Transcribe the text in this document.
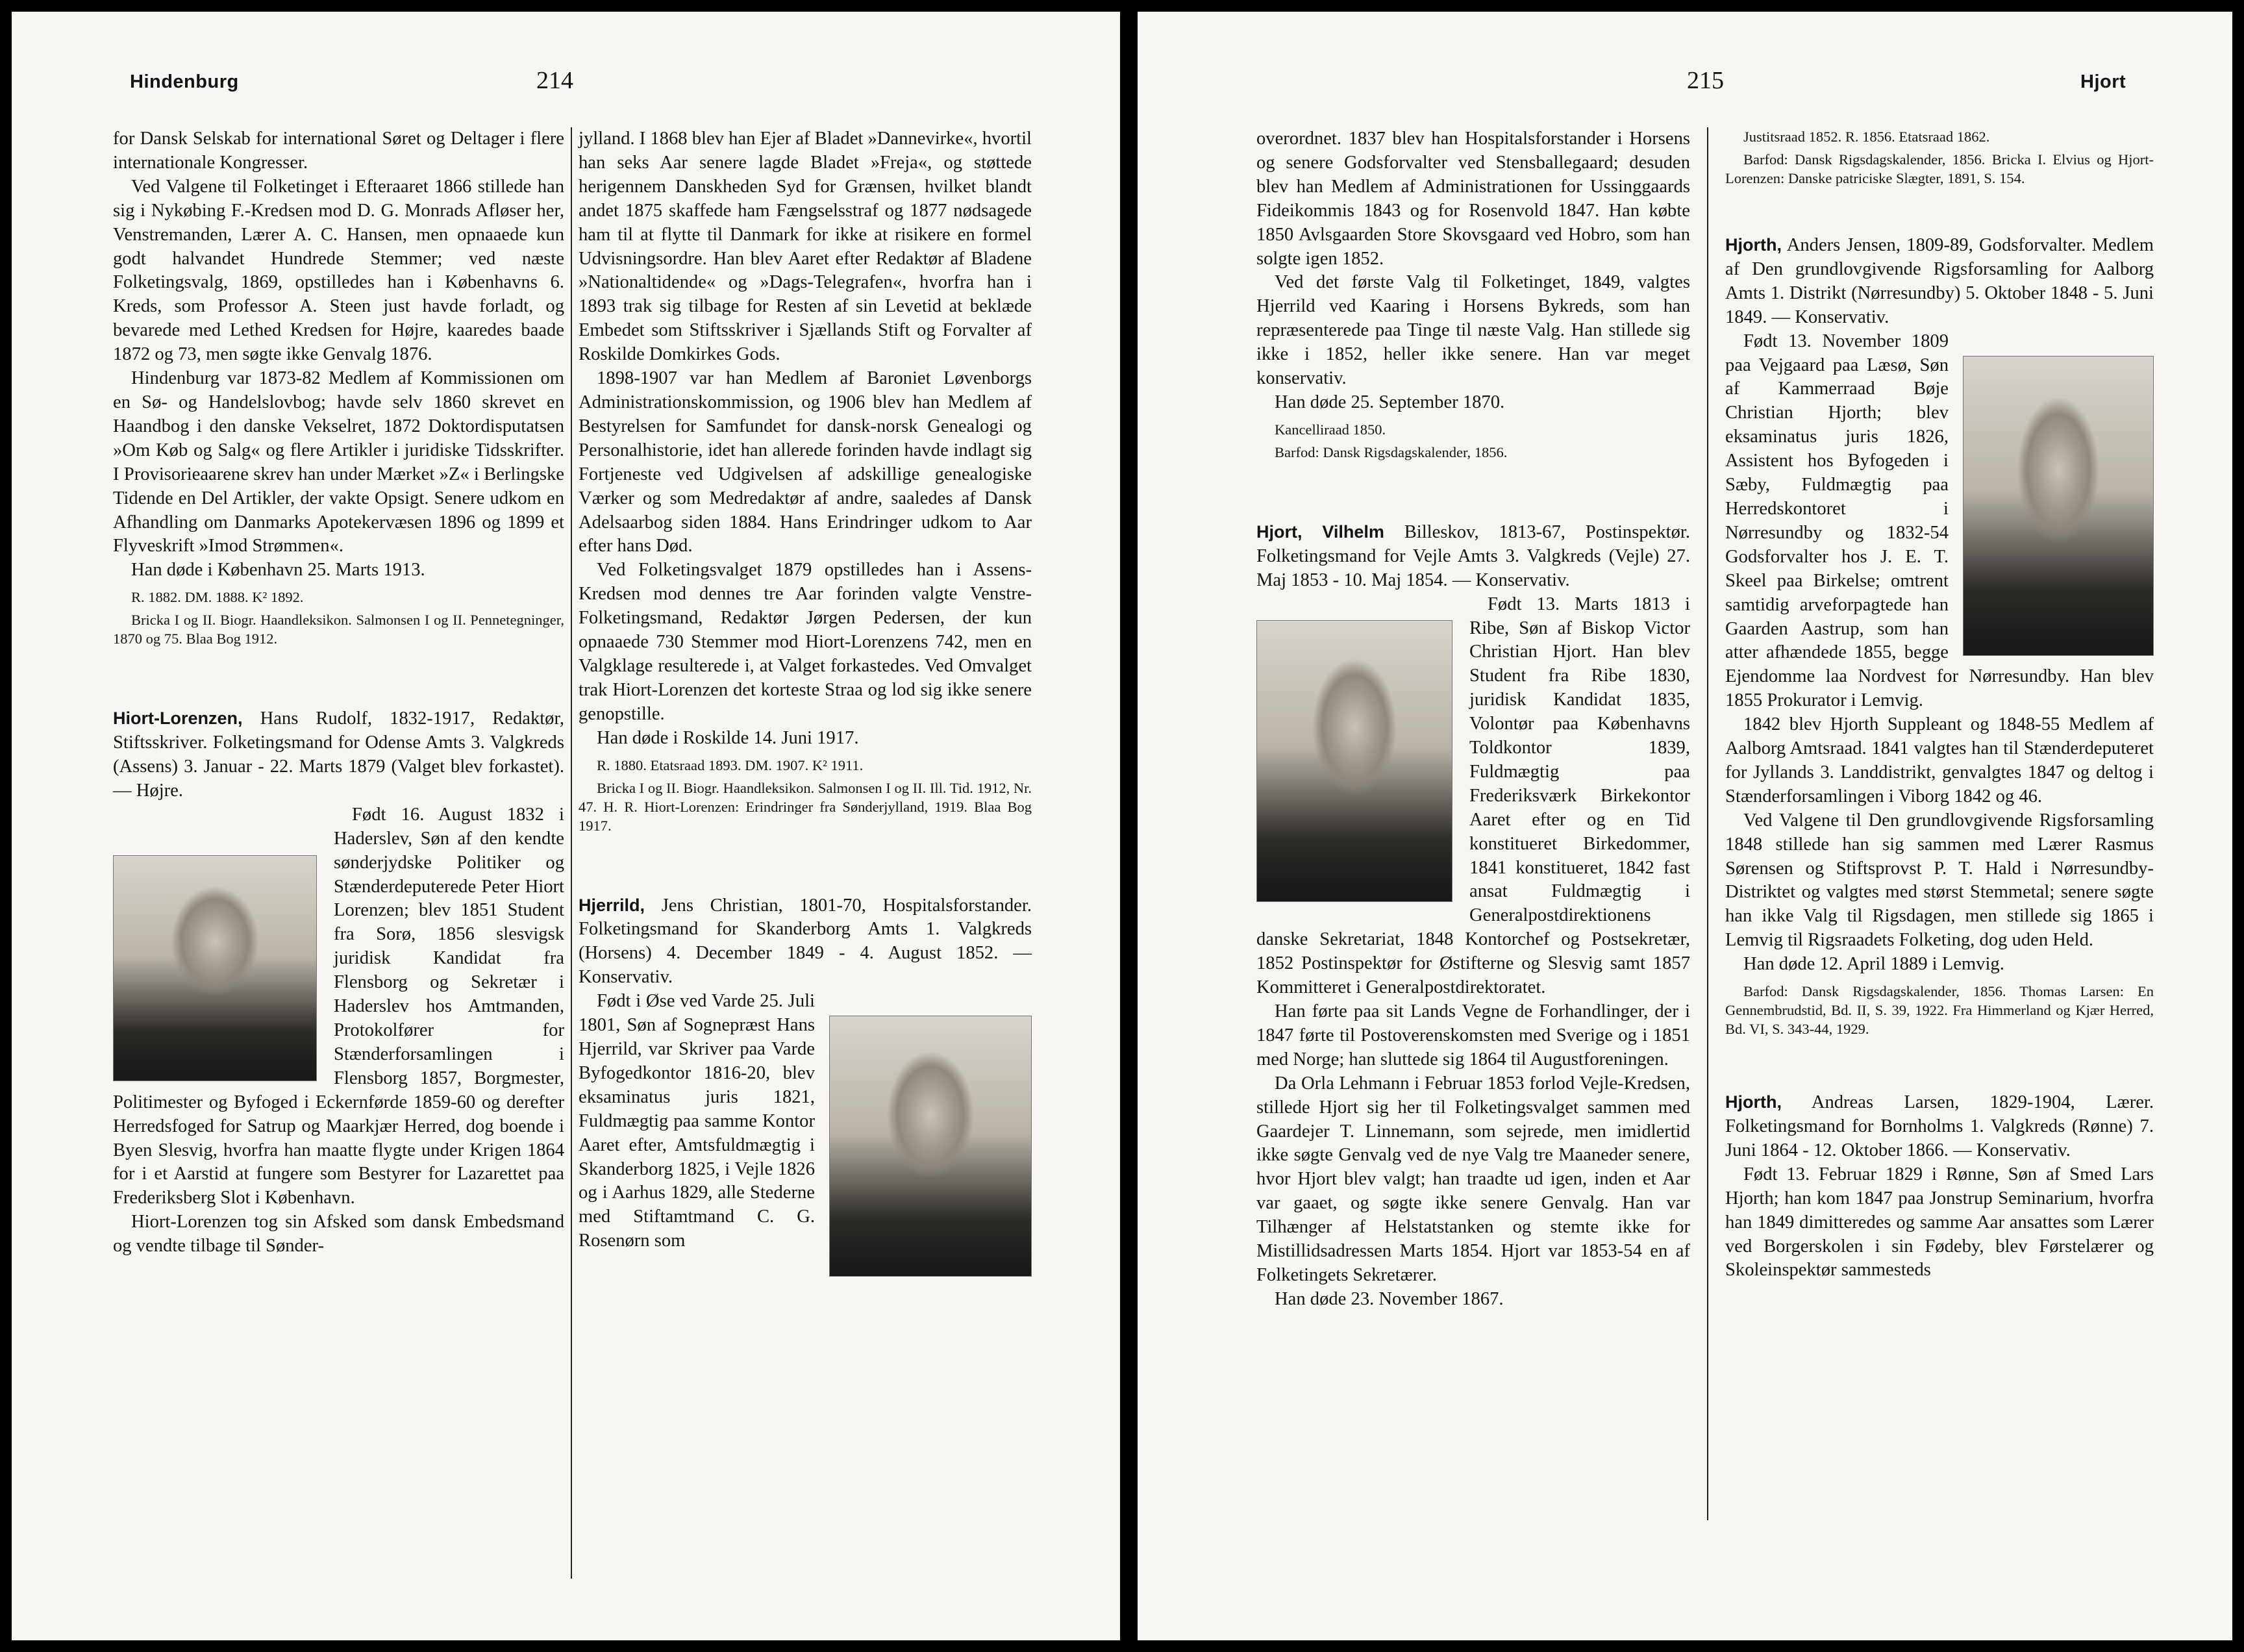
Hindenburg	214

for Dansk Selskab for international Søret og Deltager i flere internationale Kongresser.

Ved Valgene til Folketinget i Efteraaret 1866 stillede han sig i Nykøbing F.-Kredsen mod D. G. Monrads Afløser her, Venstremanden, Lærer A. C. Hansen, men opnaaede kun godt halvandet Hundrede Stemmer; ved næste Folketingsvalg, 1869, opstilledes han i Københavns 6. Kreds, som Professor A. Steen just havde forladt, og bevarede med Lethed Kredsen for Højre, kaaredes baade 1872 og 73, men søgte ikke Genvalg 1876.

Hindenburg var 1873-82 Medlem af Kommissionen om en Sø- og Handelslovbog; havde selv 1860 skrevet en Haandbog i den danske Vekselret, 1872 Doktordisputatsen »Om Køb og Salg« og flere Artikler i juridiske Tidsskrifter. I Provisorieaarene skrev han under Mærket »Z« i Berlingske Tidende en Del Artikler, der vakte Opsigt. Senere udkom en Afhandling om Danmarks Apotekervæsen 1896 og 1899 et Flyveskrift »Imod Strømmen«.

Han døde i København 25. Marts 1913.

R. 1882. DM. 1888. K² 1892.

Bricka I og II. Biogr. Haandleksikon. Salmonsen I og II. Pennetegninger, 1870 og 75. Blaa Bog 1912.

Hiort-Lorenzen, Hans Rudolf, 1832-1917, Redaktør, Stiftsskriver. Folketingsmand for Odense Amts 3. Valgkreds (Assens) 3. Januar - 22. Marts 1879 (Valget blev forkastet). — Højre.

Født 16. August 1832 i Haderslev, Søn af den kendte sønderjydske Politiker og Stænderdeputerede Peter Hiort Lorenzen; blev 1851 Student fra Sorø, 1856 slesvigsk juridisk Kandidat fra Flensborg og Sekretær i Haderslev hos Amtmanden, Protokolfører for Stænderforsamlingen i Flensborg 1857, Borgmester, Politimester og Byfoged i Eckernførde 1859-60 og derefter Herredsfoged for Satrup og Maarkjær Herred, dog boende i Byen Slesvig, hvorfra han maatte flygte under Krigen 1864 for i et Aarstid at fungere som Bestyrer for Lazarettet paa Frederiksberg Slot i København.

Hiort-Lorenzen tog sin Afsked som dansk Embedsmand og vendte tilbage til Sønder-

jylland. I 1868 blev han Ejer af Bladet »Dannevirke«, hvortil han seks Aar senere lagde Bladet »Freja«, og støttede herigennem Danskheden Syd for Grænsen, hvilket blandt andet 1875 skaffede ham Fængselsstraf og 1877 nødsagede ham til at flytte til Danmark for ikke at risikere en formel Udvisningsordre. Han blev Aaret efter Redaktør af Bladene »Nationaltidende« og »Dags-Telegrafen«, hvorfra han i 1893 trak sig tilbage for Resten af sin Levetid at beklæde Embedet som Stiftsskriver i Sjællands Stift og Forvalter af Roskilde Domkirkes Gods.

1898-1907 var han Medlem af Baroniet Løvenborgs Administrationskommission, og 1906 blev han Medlem af Bestyrelsen for Samfundet for dansk-norsk Genealogi og Personalhistorie, idet han allerede forinden havde indlagt sig Fortjeneste ved Udgivelsen af adskillige genealogiske Værker og som Medredaktør af andre, saaledes af Dansk Adelsaarbog siden 1884. Hans Erindringer udkom to Aar efter hans Død.

Ved Folketingsvalget 1879 opstilledes han i Assens-Kredsen mod dennes tre Aar forinden valgte Venstre-Folketingsmand, Redaktør Jørgen Pedersen, der kun opnaaede 730 Stemmer mod Hiort-Lorenzens 742, men en Valgklage resulterede i, at Valget forkastedes. Ved Omvalget trak Hiort-Lorenzen det korteste Straa og lod sig ikke senere genopstille.

Han døde i Roskilde 14. Juni 1917.

R. 1880. Etatsraad 1893. DM. 1907. K² 1911.

Bricka I og II. Biogr. Haandleksikon. Salmonsen I og II. Ill. Tid. 1912, Nr. 47. H. R. Hiort-Lorenzen: Erindringer fra Sønderjylland, 1919. Blaa Bog 1917.

Hjerrild, Jens Christian, 1801-70, Hospitalsforstander. Folketingsmand for Skanderborg Amts 1. Valgkreds (Horsens) 4. December 1849 - 4. August 1852. — Konservativ.

Født i Øse ved Varde 25. Juli 1801, Søn af Sognepræst Hans Hjerrild, var Skriver paa Varde Byfogedkontor 1816-20, blev eksaminatus juris 1821, Fuldmægtig paa samme Kontor Aaret efter, Amtsfuldmægtig i Skanderborg 1825, i Vejle 1826 og i Aarhus 1829, alle Stederne med Stiftamtmand C. G. Rosenørn som

215	Hjort

overordnet. 1837 blev han Hospitalsforstander i Horsens og senere Godsforvalter ved Stensballegaard; desuden blev han Medlem af Administrationen for Ussinggaards Fideikommis 1843 og for Rosenvold 1847. Han købte 1850 Avlsgaarden Store Skovsgaard ved Hobro, som han solgte igen 1852.

Ved det første Valg til Folketinget, 1849, valgtes Hjerrild ved Kaaring i Horsens Bykreds, som han repræsenterede paa Tinge til næste Valg. Han stillede sig ikke i 1852, heller ikke senere. Han var meget konservativ.

Han døde 25. September 1870.

Kancelliraad 1850.

Barfod: Dansk Rigsdagskalender, 1856.

Hjort, Vilhelm Billeskov, 1813-67, Postinspektør. Folketingsmand for Vejle Amts 3. Valgkreds (Vejle) 27. Maj 1853 - 10. Maj 1854. — Konservativ.

Født 13. Marts 1813 i Ribe, Søn af Biskop Victor Christian Hjort. Han blev Student fra Ribe 1830, juridisk Kandidat 1835, Volontør paa Københavns Toldkontor 1839, Fuldmægtig paa Frederiksværk Birkekontor Aaret efter og en Tid konstitueret Birkedommer, 1841 konstitueret, 1842 fast ansat Fuldmægtig i Generalpostdirektionens danske Sekretariat, 1848 Kontorchef og Postsekretær, 1852 Postinspektør for Østifterne og Slesvig samt 1857 Kommitteret i Generalpostdirektoratet.

Han førte paa sit Lands Vegne de Forhandlinger, der i 1847 førte til Postoverenskomsten med Sverige og i 1851 med Norge; han sluttede sig 1864 til Augustforeningen.

Da Orla Lehmann i Februar 1853 forlod Vejle-Kredsen, stillede Hjort sig her til Folketingsvalget sammen med Gaardejer T. Linnemann, som sejrede, men imidlertid ikke søgte Genvalg ved de nye Valg tre Maaneder senere, hvor Hjort blev valgt; han traadte ud igen, inden et Aar var gaaet, og søgte ikke senere Genvalg. Han var Tilhænger af Helstatstanken og stemte ikke for Mistillidsadressen Marts 1854. Hjort var 1853-54 en af Folketingets Sekretærer.

Han døde 23. November 1867.

Justitsraad 1852. R. 1856. Etatsraad 1862.

Barfod: Dansk Rigsdagskalender, 1856. Bricka I. Elvius og Hjort-Lorenzen: Danske patriciske Slægter, 1891, S. 154.

Hjorth, Anders Jensen, 1809-89, Godsforvalter. Medlem af Den grundlovgivende Rigsforsamling for Aalborg Amts 1. Distrikt (Nørresundby) 5. Oktober 1848 - 5. Juni 1849. — Konservativ.

Født 13. November 1809 paa Vejgaard paa Læsø, Søn af Kammerraad Bøje Christian Hjorth; blev eksaminatus juris 1826, Assistent hos Byfogeden i Sæby, Fuldmægtig paa Herredskontoret i Nørresundby og 1832-54 Godsforvalter hos J. E. T. Skeel paa Birkelse; omtrent samtidig arveforpagtede han Gaarden Aastrup, som han atter afhændede 1855, begge Ejendomme laa Nordvest for Nørresundby. Han blev 1855 Prokurator i Lemvig.

1842 blev Hjorth Suppleant og 1848-55 Medlem af Aalborg Amtsraad. 1841 valgtes han til Stænderdeputeret for Jyllands 3. Landdistrikt, genvalgtes 1847 og deltog i Stænderforsamlingen i Viborg 1842 og 46.

Ved Valgene til Den grundlovgivende Rigsforsamling 1848 stillede han sig sammen med Lærer Rasmus Sørensen og Stiftsprovst P. T. Hald i Nørresundby-Distriktet og valgtes med størst Stemmetal; senere søgte han ikke Valg til Rigsdagen, men stillede sig 1865 i Lemvig til Rigsraadets Folketing, dog uden Held.

Han døde 12. April 1889 i Lemvig.

Barfod: Dansk Rigsdagskalender, 1856. Thomas Larsen: En Gennembrudstid, Bd. II, S. 39, 1922. Fra Himmerland og Kjær Herred, Bd. VI, S. 343-44, 1929.

Hjorth, Andreas Larsen, 1829-1904, Lærer. Folketingsmand for Bornholms 1. Valgkreds (Rønne) 7. Juni 1864 - 12. Oktober 1866. — Konservativ.

Født 13. Februar 1829 i Rønne, Søn af Smed Lars Hjorth; han kom 1847 paa Jonstrup Seminarium, hvorfra han 1849 dimitteredes og samme Aar ansattes som Lærer ved Borgerskolen i sin Fødeby, blev Førstelærer og Skoleinspektør sammesteds
